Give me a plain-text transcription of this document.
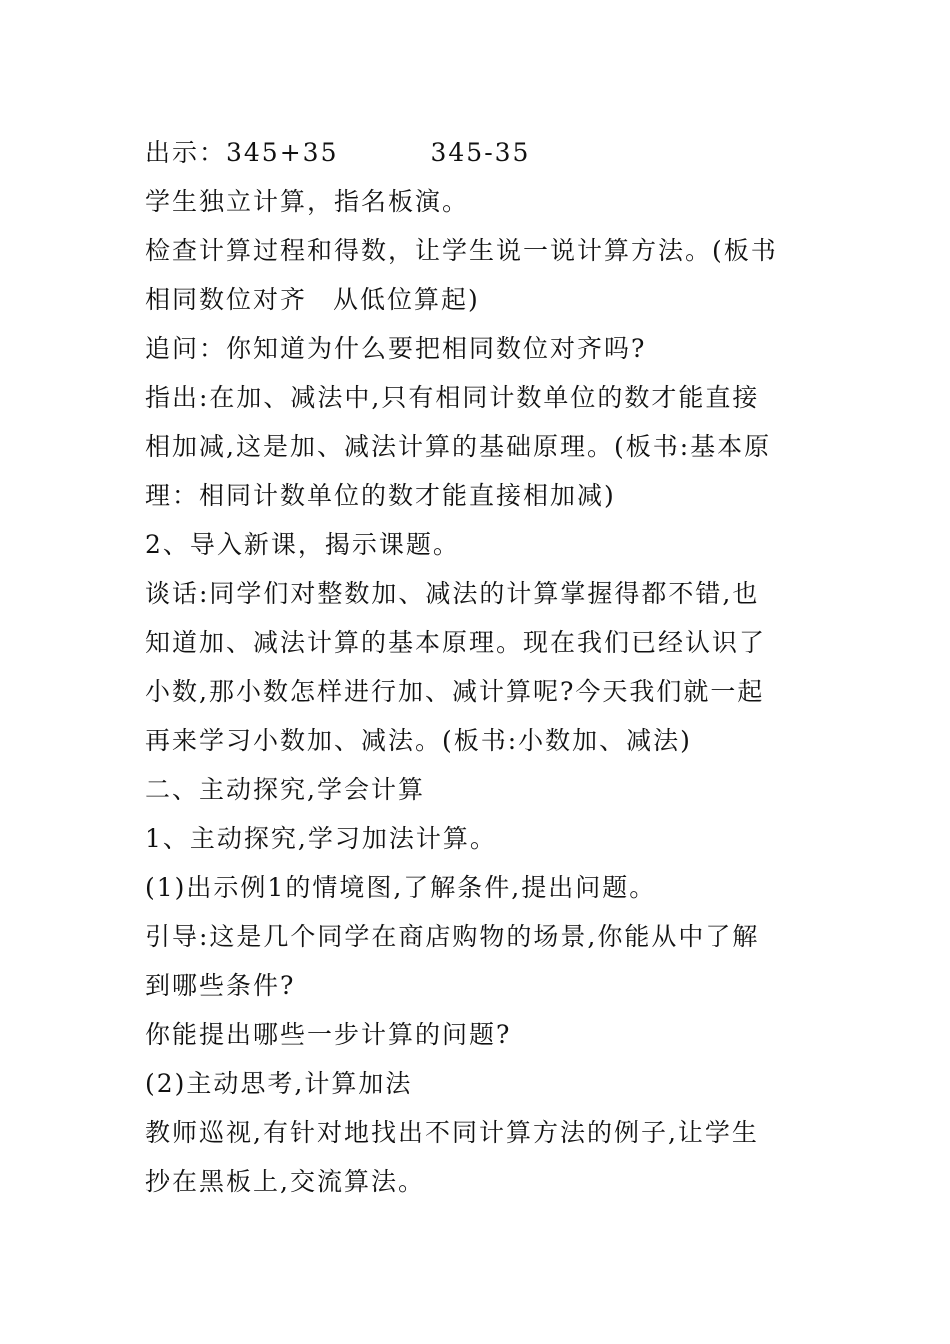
出示：345+35	345-35
学生独立计算，指名板演。
检查计算过程和得数，让学生说一说计算方法。(板书
相同数位对齐 从低位算起)
追问：你知道为什么要把相同数位对齐吗?
指出:在加、减法中,只有相同计数单位的数才能直接
相加减,这是加、减法计算的基础原理。(板书:基本原
理：相同计数单位的数才能直接相加减)
2、导入新课，揭示课题。
谈话:同学们对整数加、减法的计算掌握得都不错,也
知道加、减法计算的基本原理。现在我们已经认识了
小数,那小数怎样进行加、减计算呢?今天我们就一起
再来学习小数加、减法。(板书:小数加、减法)
二、主动探究,学会计算
1、主动探究,学习加法计算。
(1)出示例1的情境图,了解条件,提出问题。
引导:这是几个同学在商店购物的场景,你能从中了解
到哪些条件?
你能提出哪些一步计算的问题?
(2)主动思考,计算加法
教师巡视,有针对地找出不同计算方法的例子,让学生
抄在黑板上,交流算法。
